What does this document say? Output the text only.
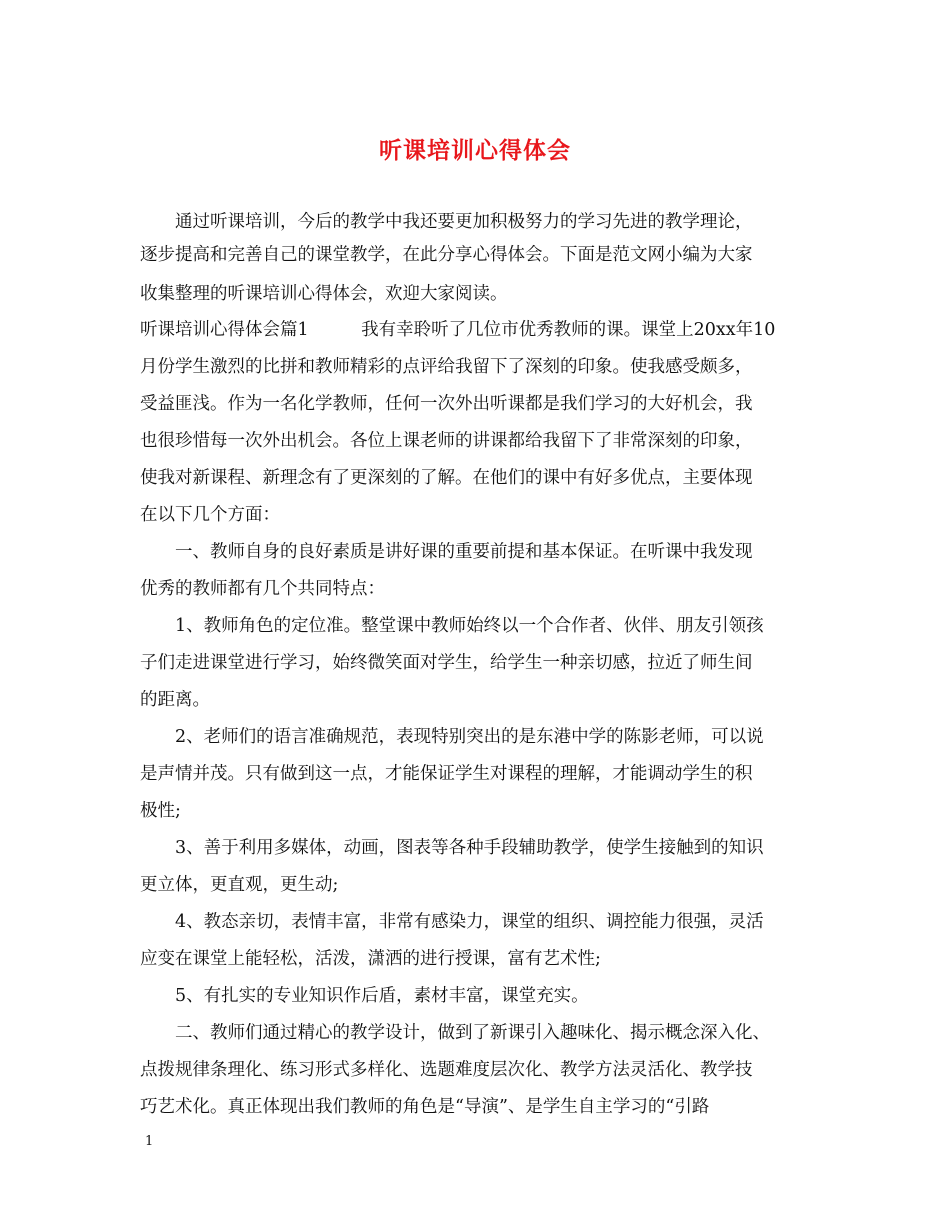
听课培训心得体会
　　通过听课培训，今后的教学中我还要更加积极努力的学习先进的教学理论，
逐步提高和完善自己的课堂教学，在此分享心得体会。下面是范文网小编为大家
收集整理的听课培训心得体会，欢迎大家阅读。
听课培训心得体会篇1　　　我有幸聆听了几位市优秀教师的课。课堂上20xx年10
月份学生激烈的比拼和教师精彩的点评给我留下了深刻的印象。使我感受颇多，
受益匪浅。作为一名化学教师，任何一次外出听课都是我们学习的大好机会，我
也很珍惜每一次外出机会。各位上课老师的讲课都给我留下了非常深刻的印象，
使我对新课程、新理念有了更深刻的了解。在他们的课中有好多优点，主要体现
在以下几个方面：
　　一、教师自身的良好素质是讲好课的重要前提和基本保证。在听课中我发现
优秀的教师都有几个共同特点：
　　1、教师角色的定位准。整堂课中教师始终以一个合作者、伙伴、朋友引领孩
子们走进课堂进行学习，始终微笑面对学生，给学生一种亲切感，拉近了师生间
的距离。
　　2、老师们的语言准确规范，表现特别突出的是东港中学的陈影老师，可以说
是声情并茂。只有做到这一点，才能保证学生对课程的理解，才能调动学生的积
极性;
　　3、善于利用多媒体，动画，图表等各种手段辅助教学，使学生接触到的知识
更立体，更直观，更生动;
　　4、教态亲切，表情丰富，非常有感染力，课堂的组织、调控能力很强，灵活
应变在课堂上能轻松，活泼，潇洒的进行授课，富有艺术性;
　　5、有扎实的专业知识作后盾，素材丰富，课堂充实。
　　二、教师们通过精心的教学设计，做到了新课引入趣味化、揭示概念深入化、
点拨规律条理化、练习形式多样化、选题难度层次化、教学方法灵活化、教学技
巧艺术化。真正体现出我们教师的角色是“导演”、是学生自主学习的“引路
1
